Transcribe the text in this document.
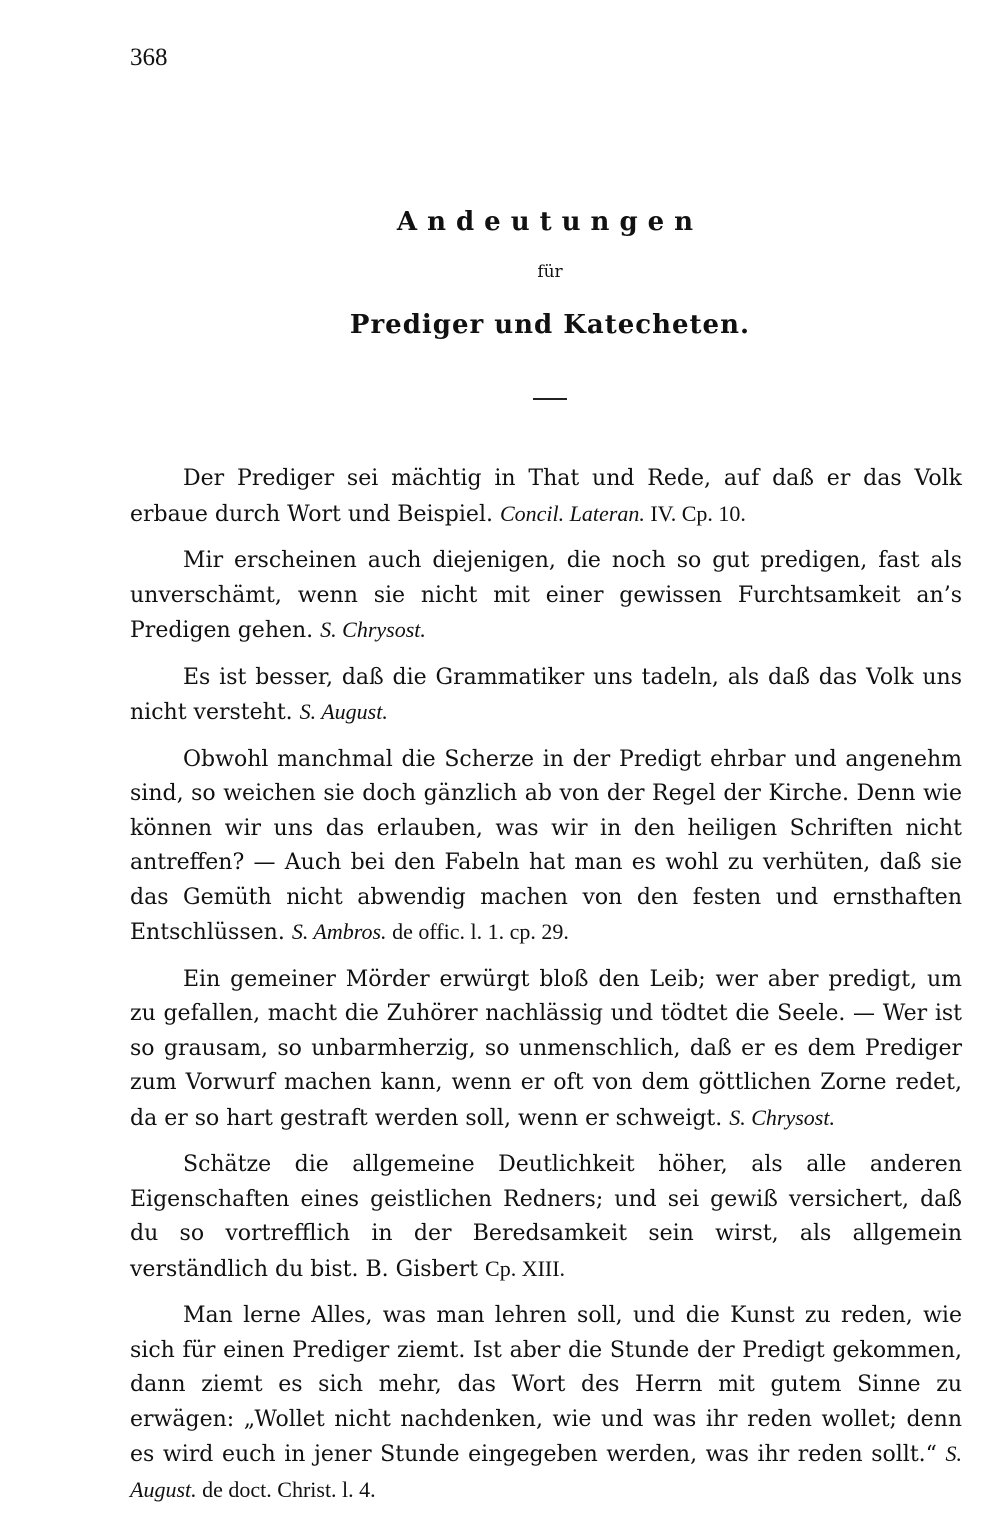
368
Andeutungen
für
Prediger und Katecheten.

Der Prediger sei mächtig in That und Rede, auf daß er das Volk erbaue durch Wort und Beispiel. Concil. Lateran. IV. Cp. 10.

Mir erscheinen auch diejenigen, die noch so gut predigen, fast als unverschämt, wenn sie nicht mit einer gewissen Furchtsamkeit an’s Predigen gehen. S. Chrysost.

Es ist besser, daß die Grammatiker uns tadeln, als daß das Volk uns nicht versteht. S. August.

Obwohl manchmal die Scherze in der Predigt ehrbar und angenehm sind, so weichen sie doch gänzlich ab von der Regel der Kirche. Denn wie können wir uns das erlauben, was wir in den heiligen Schriften nicht antreffen? — Auch bei den Fabeln hat man es wohl zu verhüten, daß sie das Gemüth nicht abwendig machen von den festen und ernsthaften Entschlüssen. S. Ambros. de offic. l. 1. cp. 29.

Ein gemeiner Mörder erwürgt bloß den Leib; wer aber predigt, um zu gefallen, macht die Zuhörer nachlässig und tödtet die Seele. — Wer ist so grausam, so unbarmherzig, so unmenschlich, daß er es dem Prediger zum Vorwurf machen kann, wenn er oft von dem göttlichen Zorne redet, da er so hart gestraft werden soll, wenn er schweigt. S. Chrysost.

Schätze die allgemeine Deutlichkeit höher, als alle anderen Eigenschaften eines geistlichen Redners; und sei gewiß versichert, daß du so vortrefflich in der Beredsamkeit sein wirst, als allgemein verständlich du bist. B. Gisbert Cp. XIII.

Man lerne Alles, was man lehren soll, und die Kunst zu reden, wie sich für einen Prediger ziemt. Ist aber die Stunde der Predigt gekommen, dann ziemt es sich mehr, das Wort des Herrn mit gutem Sinne zu erwägen: „Wollet nicht nachdenken, wie und was ihr reden wollet; denn es wird euch in jener Stunde eingegeben werden, was ihr reden sollt.“ S. August. de doct. Christ. l. 4.
